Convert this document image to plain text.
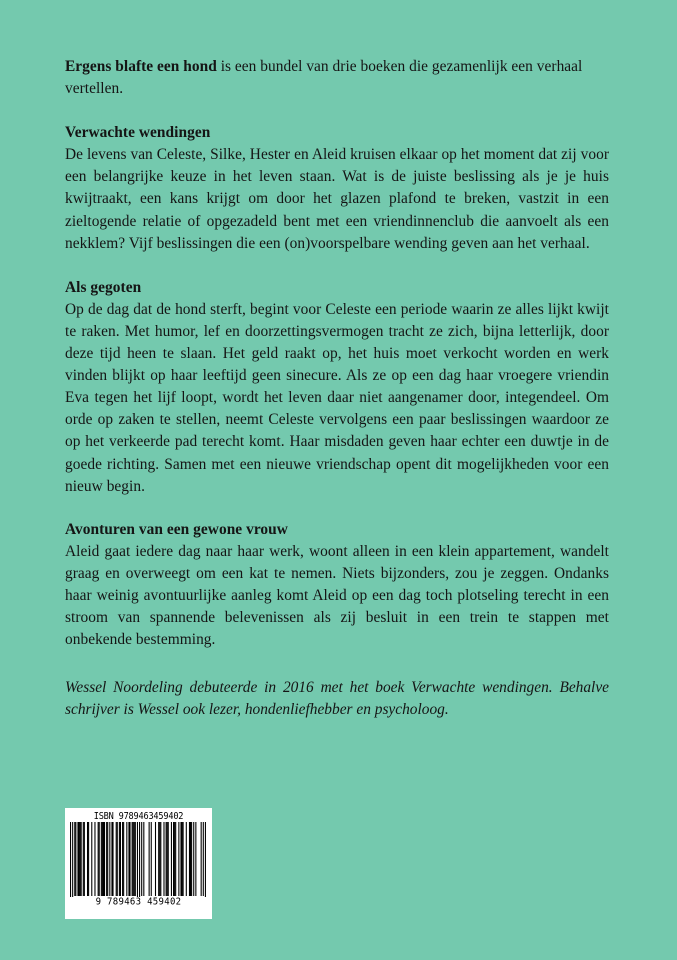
Ergens blafte een hond is een bundel van drie boeken die gezamenlijk een verhaal vertellen.

Verwachte wendingen

De levens van Celeste, Silke, Hester en Aleid kruisen elkaar op het moment dat zij voor een belangrijke keuze in het leven staan. Wat is de juiste beslissing als je je huis kwijtraakt, een kans krijgt om door het glazen plafond te breken, vastzit in een zieltogende relatie of opgezadeld bent met een vriendinnenclub die aanvoelt als een nekklem? Vijf beslissingen die een (on)voorspelbare wending geven aan het verhaal.

Als gegoten

Op de dag dat de hond sterft, begint voor Celeste een periode waarin ze alles lijkt kwijt te raken. Met humor, lef en doorzettingsvermogen tracht ze zich, bijna letterlijk, door deze tijd heen te slaan. Het geld raakt op, het huis moet verkocht worden en werk vinden blijkt op haar leeftijd geen sinecure. Als ze op een dag haar vroegere vriendin Eva tegen het lijf loopt, wordt het leven daar niet aangenamer door, integendeel. Om orde op zaken te stellen, neemt Celeste vervolgens een paar beslissingen waardoor ze op het verkeerde pad terecht komt. Haar misdaden geven haar echter een duwtje in de goede richting. Samen met een nieuwe vriendschap opent dit mogelijkheden voor een nieuw begin.

Avonturen van een gewone vrouw

Aleid gaat iedere dag naar haar werk, woont alleen in een klein appartement, wandelt graag en overweegt om een kat te nemen. Niets bijzonders, zou je zeggen. Ondanks haar weinig avontuurlijke aanleg komt Aleid op een dag toch plotseling terecht in een stroom van spannende belevenissen als zij besluit in een trein te stappen met onbekende bestemming.

Wessel Noordeling debuteerde in 2016 met het boek Verwachte wendingen. Behalve schrijver is Wessel ook lezer, hondenliefhebber en psycholoog.

ISBN 9789463459402
9 789463 459402
